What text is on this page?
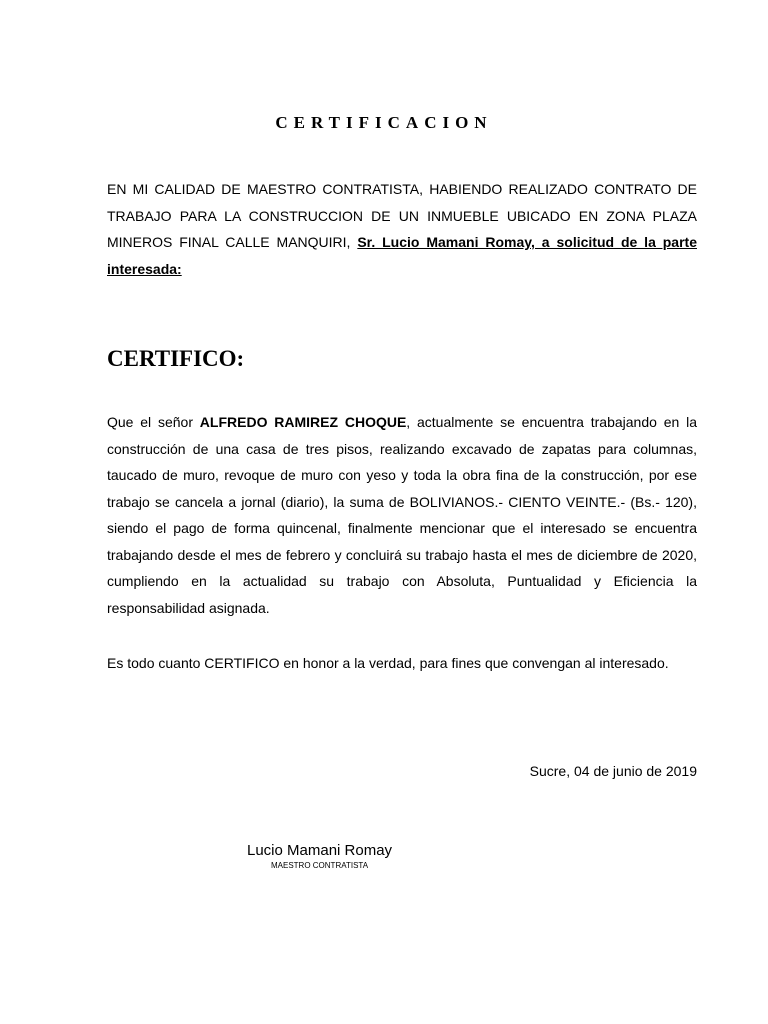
CERTIFICACION
EN MI CALIDAD DE MAESTRO CONTRATISTA, HABIENDO REALIZADO CONTRATO DE TRABAJO PARA LA CONSTRUCCION DE UN INMUEBLE UBICADO EN ZONA PLAZA MINEROS FINAL CALLE MANQUIRI, Sr. Lucio Mamani Romay, a solicitud de la parte interesada:
CERTIFICO:
Que el señor ALFREDO RAMIREZ CHOQUE, actualmente se encuentra trabajando en la construcción de una casa de tres pisos, realizando excavado de zapatas para columnas, taucado de muro, revoque de muro con yeso y toda la obra fina de la construcción, por ese trabajo se cancela a jornal (diario), la suma de BOLIVIANOS.- CIENTO VEINTE.- (Bs.- 120), siendo el pago de forma quincenal, finalmente mencionar que el interesado se encuentra trabajando desde el mes de febrero y concluirá su trabajo hasta el mes de diciembre de 2020, cumpliendo en la actualidad su trabajo con Absoluta, Puntualidad y Eficiencia la responsabilidad asignada.
Es todo cuanto CERTIFICO en honor a la verdad, para fines que convengan al interesado.
Sucre, 04 de junio de 2019
Lucio Mamani Romay
MAESTRO CONTRATISTA
